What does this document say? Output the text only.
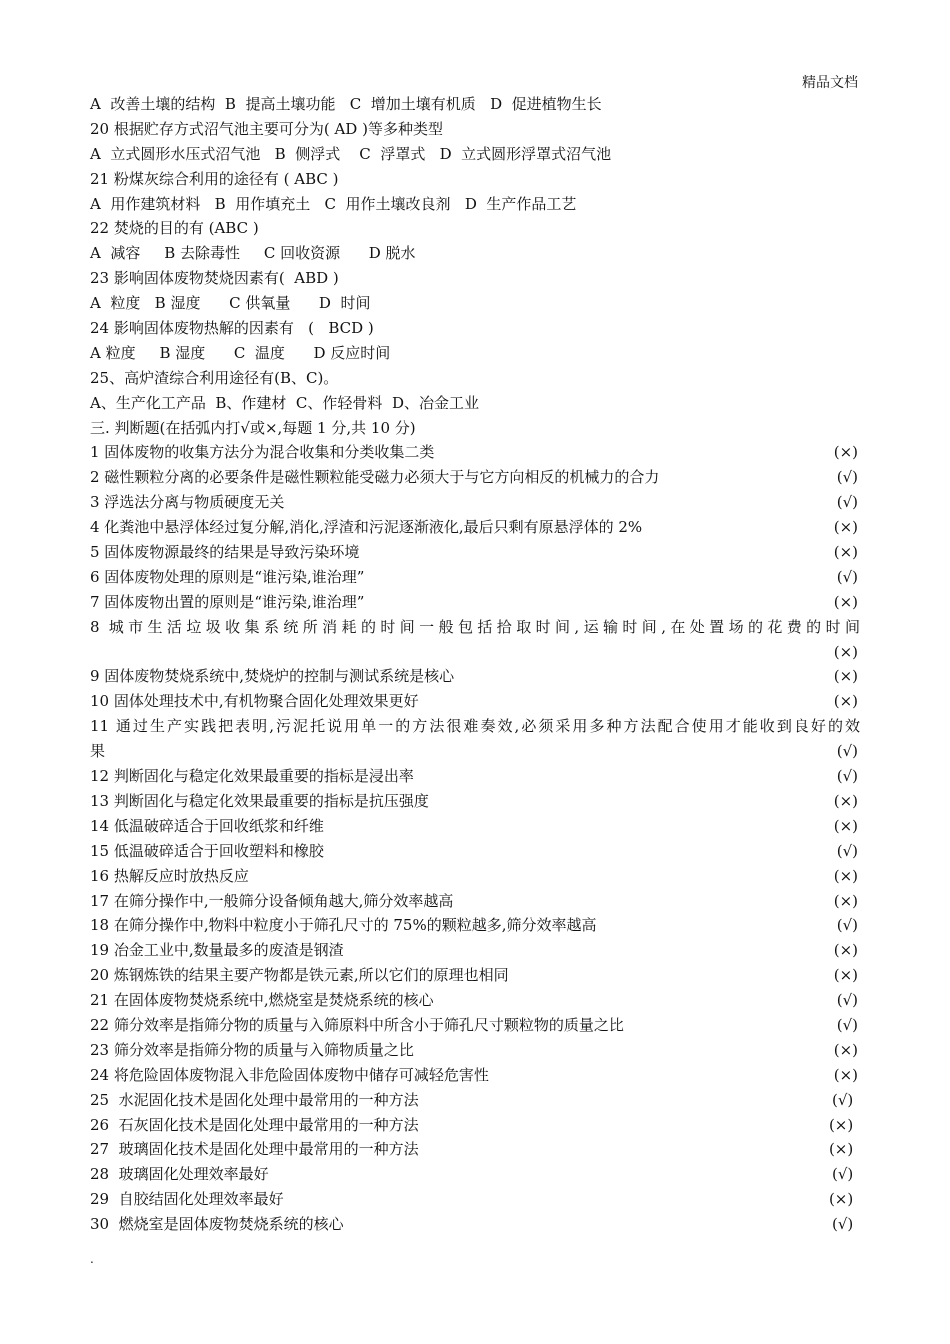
精品文档
A  改善土壤的结构  B  提高土壤功能   C  增加土壤有机质   D  促进植物生长
20 根据贮存方式沼气池主要可分为( AD )等多种类型
A  立式圆形水压式沼气池   B  侧浮式    C  浮罩式   D  立式圆形浮罩式沼气池
21 粉煤灰综合利用的途径有 ( ABC )
A  用作建筑材料   B  用作填充土   C  用作土壤改良剂   D  生产作品工艺
22 焚烧的目的有 (ABC )
A  减容     B 去除毒性     C 回收资源      D 脱水
23 影响固体废物焚烧因素有(  ABD )
A  粒度   B 湿度      C 供氧量      D  时间
24 影响固体废物热解的因素有   (   BCD )
A 粒度     B 湿度      C  温度      D 反应时间
25、高炉渣综合利用途径有(B、C)。
A、生产化工产品  B、作建材  C、作轻骨料  D、冶金工业
三. 判断题(在括弧内打√或×,每题 1 分,共 10 分)
1 固体废物的收集方法分为混合收集和分类收集二类	(×)
2 磁性颗粒分离的必要条件是磁性颗粒能受磁力必须大于与它方向相反的机械力的合力	(√)
3 浮选法分离与物质硬度无关	(√)
4 化粪池中悬浮体经过复分解,消化,浮渣和污泥逐渐液化,最后只剩有原悬浮体的 2%	(×)
5 固体废物源最终的结果是导致污染环境	(×)
6 固体废物处理的原则是“谁污染,谁治理”	(√)
7 固体废物出置的原则是“谁污染,谁治理”	(×)
8 城市生活垃圾收集系统所消耗的时间一般包括拾取时间,运输时间,在处置场的花费的时间
(×)
9 固体废物焚烧系统中,焚烧炉的控制与测试系统是核心	(×)
10 固体处理技术中,有机物聚合固化处理效果更好	(×)
11 通过生产实践把表明,污泥托说用单一的方法很难奏效,必须采用多种方法配合使用才能收到良好的效
果	(√)
12 判断固化与稳定化效果最重要的指标是浸出率	(√)
13 判断固化与稳定化效果最重要的指标是抗压强度	(×)
14 低温破碎适合于回收纸浆和纤维	(×)
15 低温破碎适合于回收塑料和橡胶	(√)
16 热解反应时放热反应	(×)
17 在筛分操作中,一般筛分设备倾角越大,筛分效率越高	(×)
18 在筛分操作中,物料中粒度小于筛孔尺寸的 75%的颗粒越多,筛分效率越高	(√)
19 冶金工业中,数量最多的废渣是钢渣	(×)
20 炼钢炼铁的结果主要产物都是铁元素,所以它们的原理也相同	(×)
21 在固体废物焚烧系统中,燃烧室是焚烧系统的核心	(√)
22 筛分效率是指筛分物的质量与入筛原料中所含小于筛孔尺寸颗粒物的质量之比	(√)
23 筛分效率是指筛分物的质量与入筛物质量之比	(×)
24 将危险固体废物混入非危险固体废物中储存可减轻危害性	(×)
25  水泥固化技术是固化处理中最常用的一种方法	(√)
26  石灰固化技术是固化处理中最常用的一种方法	(×)
27  玻璃固化技术是固化处理中最常用的一种方法	(×)
28  玻璃固化处理效率最好	(√)
29  自胶结固化处理效率最好	(×)
30  燃烧室是固体废物焚烧系统的核心	(√)
.
